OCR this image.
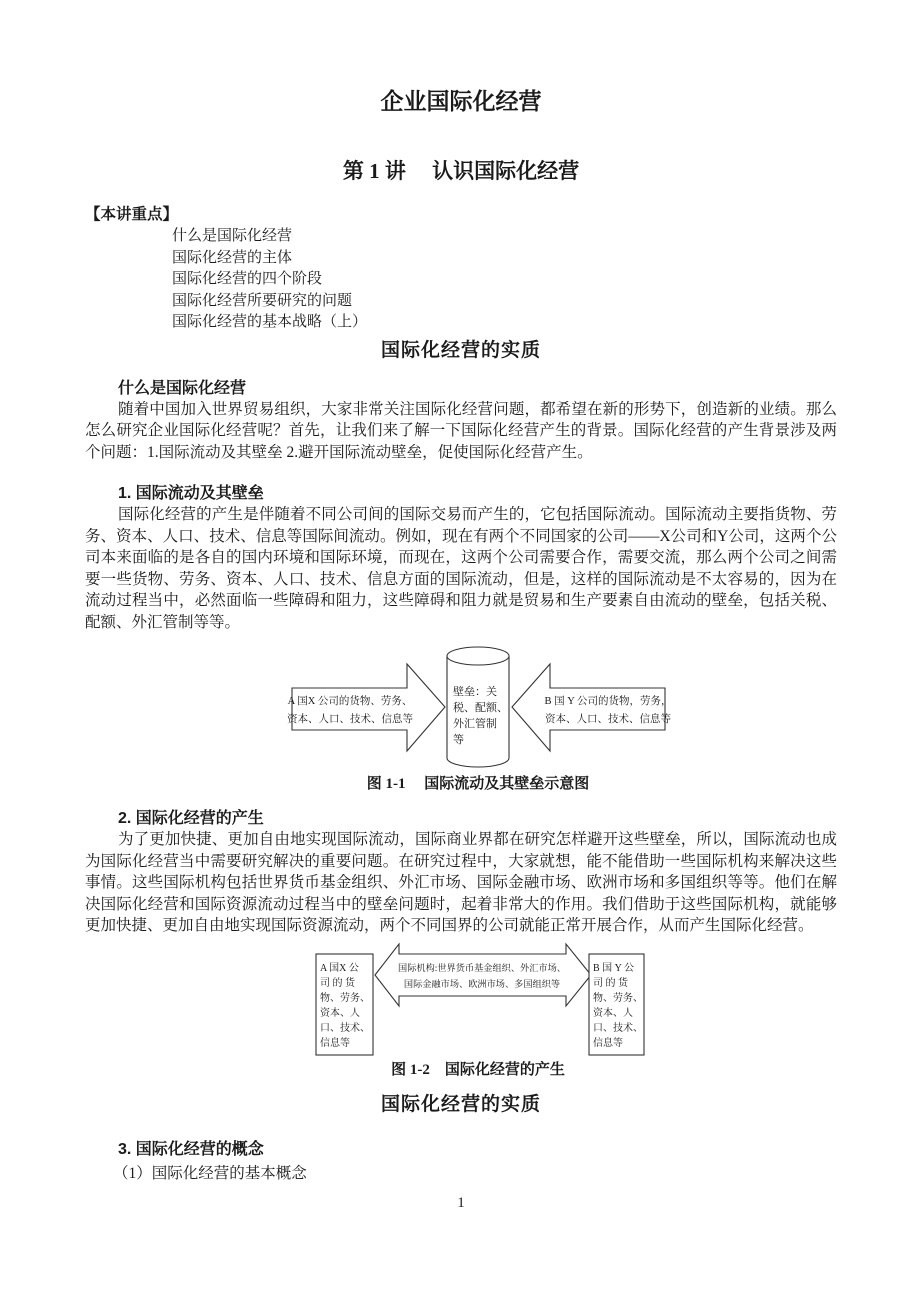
企业国际化经营
第 1 讲　 认识国际化经营
【本讲重点】
什么是国际化经营
国际化经营的主体
国际化经营的四个阶段
国际化经营所要研究的问题
国际化经营的基本战略（上）
国际化经营的实质
什么是国际化经营

随着中国加入世界贸易组织，大家非常关注国际化经营问题，都希望在新的形势下，创造新的业绩。那么怎么研究企业国际化经营呢？首先，让我们来了解一下国际化经营产生的背景。国际化经营的产生背景涉及两个问题：1.国际流动及其壁垒 2.避开国际流动壁垒，促使国际化经营产生。

1. 国际流动及其壁垒

国际化经营的产生是伴随着不同公司间的国际交易而产生的，它包括国际流动。国际流动主要指货物、劳务、资本、人口、技术、信息等国际间流动。例如，现在有两个不同国家的公司——X公司和Y公司，这两个公司本来面临的是各自的国内环境和国际环境，而现在，这两个公司需要合作，需要交流，那么两个公司之间需要一些货物、劳务、资本、人口、技术、信息方面的国际流动，但是，这样的国际流动是不太容易的，因为在流动过程当中，必然面临一些障碍和阻力，这些障碍和阻力就是贸易和生产要素自由流动的壁垒，包括关税、配额、外汇管制等等。

A 国X 公司的货物、劳务、
资本、人口、技术、信息等
壁垒：关
税、配额、
外汇管制
等
B 国 Y 公司的货物，劳务，
资本、人口、技术、信息等
图 1-1　 国际流动及其壁垒示意图
2. 国际化经营的产生

为了更加快捷、更加自由地实现国际流动，国际商业界都在研究怎样避开这些壁垒，所以，国际流动也成为国际化经营当中需要研究解决的重要问题。在研究过程中，大家就想，能不能借助一些国际机构来解决这些事情。这些国际机构包括世界货币基金组织、外汇市场、国际金融市场、欧洲市场和多国组织等等。他们在解决国际化经营和国际资源流动过程当中的壁垒问题时，起着非常大的作用。我们借助于这些国际机构，就能够更加快捷、更加自由地实现国际资源流动，两个不同国界的公司就能正常开展合作，从而产生国际化经营。

A 国X 公
司 的 货
物、劳务、
资本、人
口、技术、
信息等
国际机构:世界货币基金组织、外汇市场、
国际金融市场、欧洲市场、多国组织等
B 国 Y 公
司 的 货
物、劳务、
资本、人
口、技术、
信息等
图 1-2　国际化经营的产生
国际化经营的实质
3. 国际化经营的概念

（1）国际化经营的基本概念

1
